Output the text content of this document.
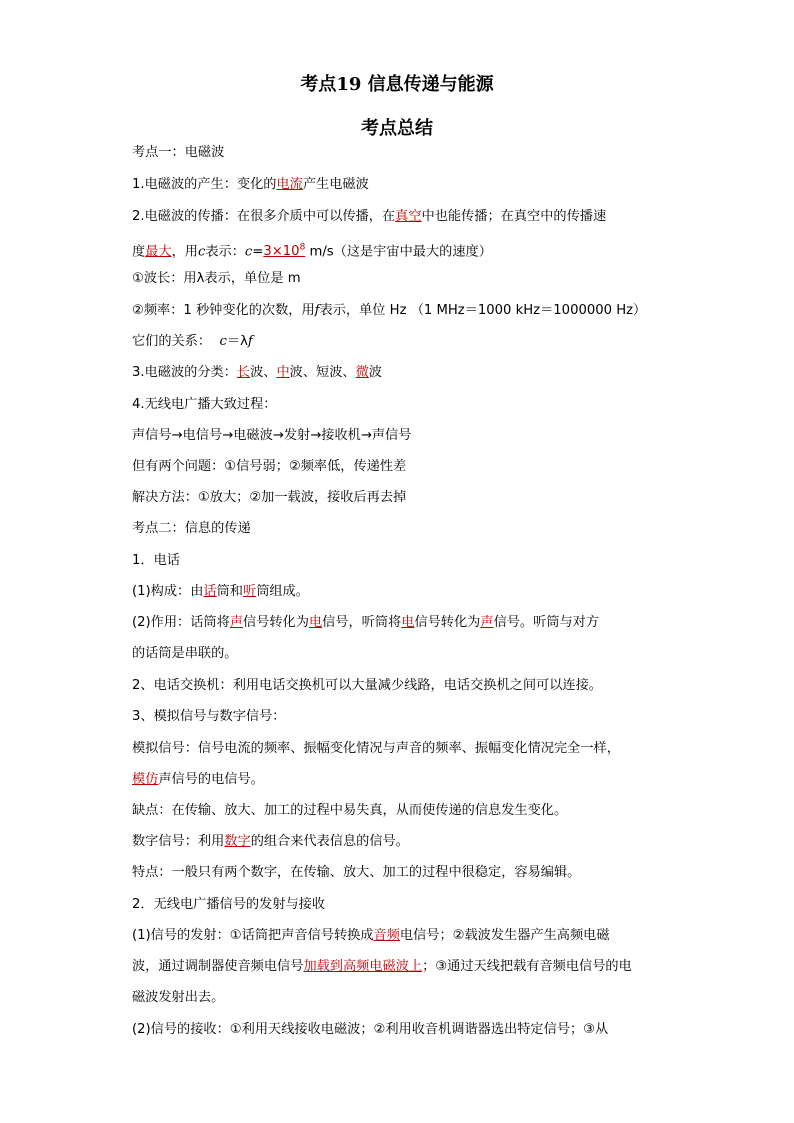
考点19 信息传递与能源
考点总结
考点一：电磁波
1.电磁波的产生：变化的电流产生电磁波
2.电磁波的传播：在很多介质中可以传播，在真空中也能传播；在真空中的传播速
度最大，用c表示：$c=3\times 10^8$ m/s（这是宇宙中最大的速度）
①波长：用λ表示，单位是 m
②频率：1 秒钟变化的次数，用f表示，单位 Hz （1 MHz＝1000 kHz＝1000000 Hz）
它们的关系：  c＝λf
3.电磁波的分类：长波、中波、短波、微波
4.无线电广播大致过程：
声信号→电信号→电磁波→发射→接收机→声信号
但有两个问题：①信号弱；②频率低，传递性差
解决方法：①放大；②加一载波，接收后再去掉
考点二：信息的传递
1．电话
(1)构成：由话筒和听筒组成。
(2)作用：话筒将声信号转化为电信号，听筒将电信号转化为声信号。听筒与对方
的话筒是串联的。
2、电话交换机：利用电话交换机可以大量减少线路，电话交换机之间可以连接。
3、模拟信号与数字信号：
模拟信号：信号电流的频率、振幅变化情况与声音的频率、振幅变化情况完全一样，
模仿声信号的电信号。
缺点：在传输、放大、加工的过程中易失真，从而使传递的信息发生变化。
数字信号：利用数字的组合来代表信息的信号。
特点：一般只有两个数字，在传输、放大、加工的过程中很稳定，容易编辑。
2．无线电广播信号的发射与接收
(1)信号的发射：①话筒把声音信号转换成音频电信号；②载波发生器产生高频电磁
波，通过调制器使音频电信号加载到高频电磁波上；③通过天线把载有音频电信号的电
磁波发射出去。
(2)信号的接收：①利用天线接收电磁波；②利用收音机调谐器选出特定信号；③从
